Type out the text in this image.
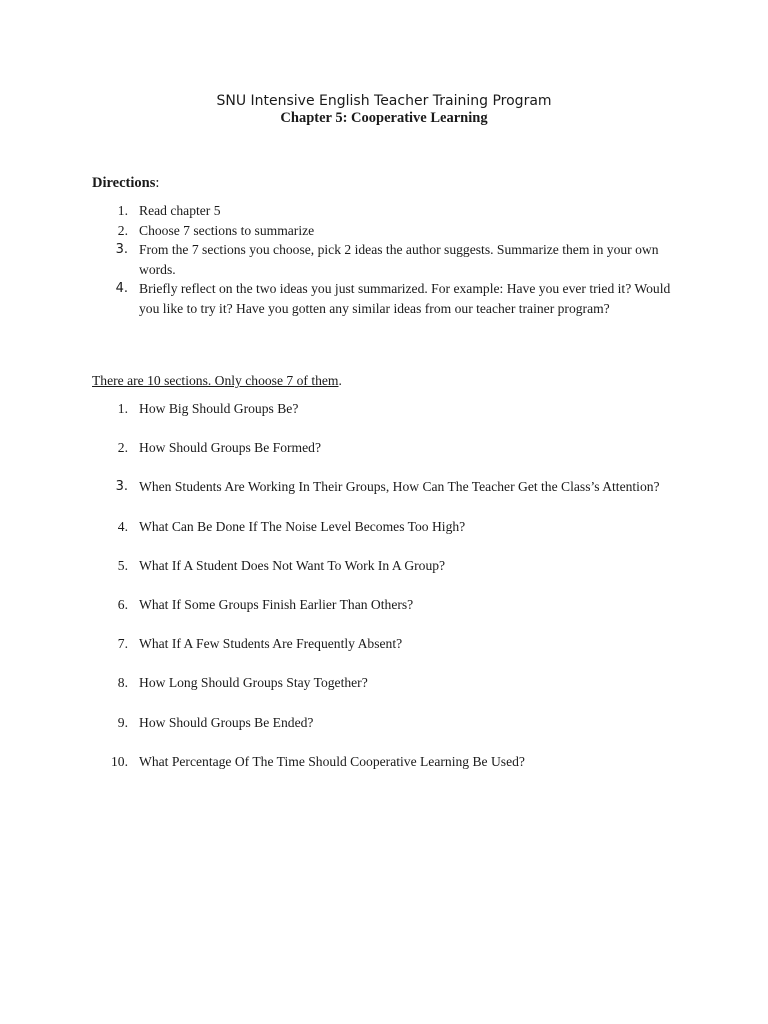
SNU Intensive English Teacher Training Program
Chapter 5: Cooperative Learning
Directions:
1. Read chapter 5
2. Choose 7 sections to summarize
3. From the 7 sections you choose, pick 2 ideas the author suggests. Summarize them in your own words.
4. Briefly reflect on the two ideas you just summarized. For example: Have you ever tried it? Would you like to try it? Have you gotten any similar ideas from our teacher trainer program?
There are 10 sections. Only choose 7 of them.
1. How Big Should Groups Be?
2. How Should Groups Be Formed?
3. When Students Are Working In Their Groups, How Can The Teacher Get the Class’s Attention?
4. What Can Be Done If The Noise Level Becomes Too High?
5. What If A Student Does Not Want To Work In A Group?
6. What If Some Groups Finish Earlier Than Others?
7. What If A Few Students Are Frequently Absent?
8. How Long Should Groups Stay Together?
9. How Should Groups Be Ended?
10. What Percentage Of The Time Should Cooperative Learning Be Used?
